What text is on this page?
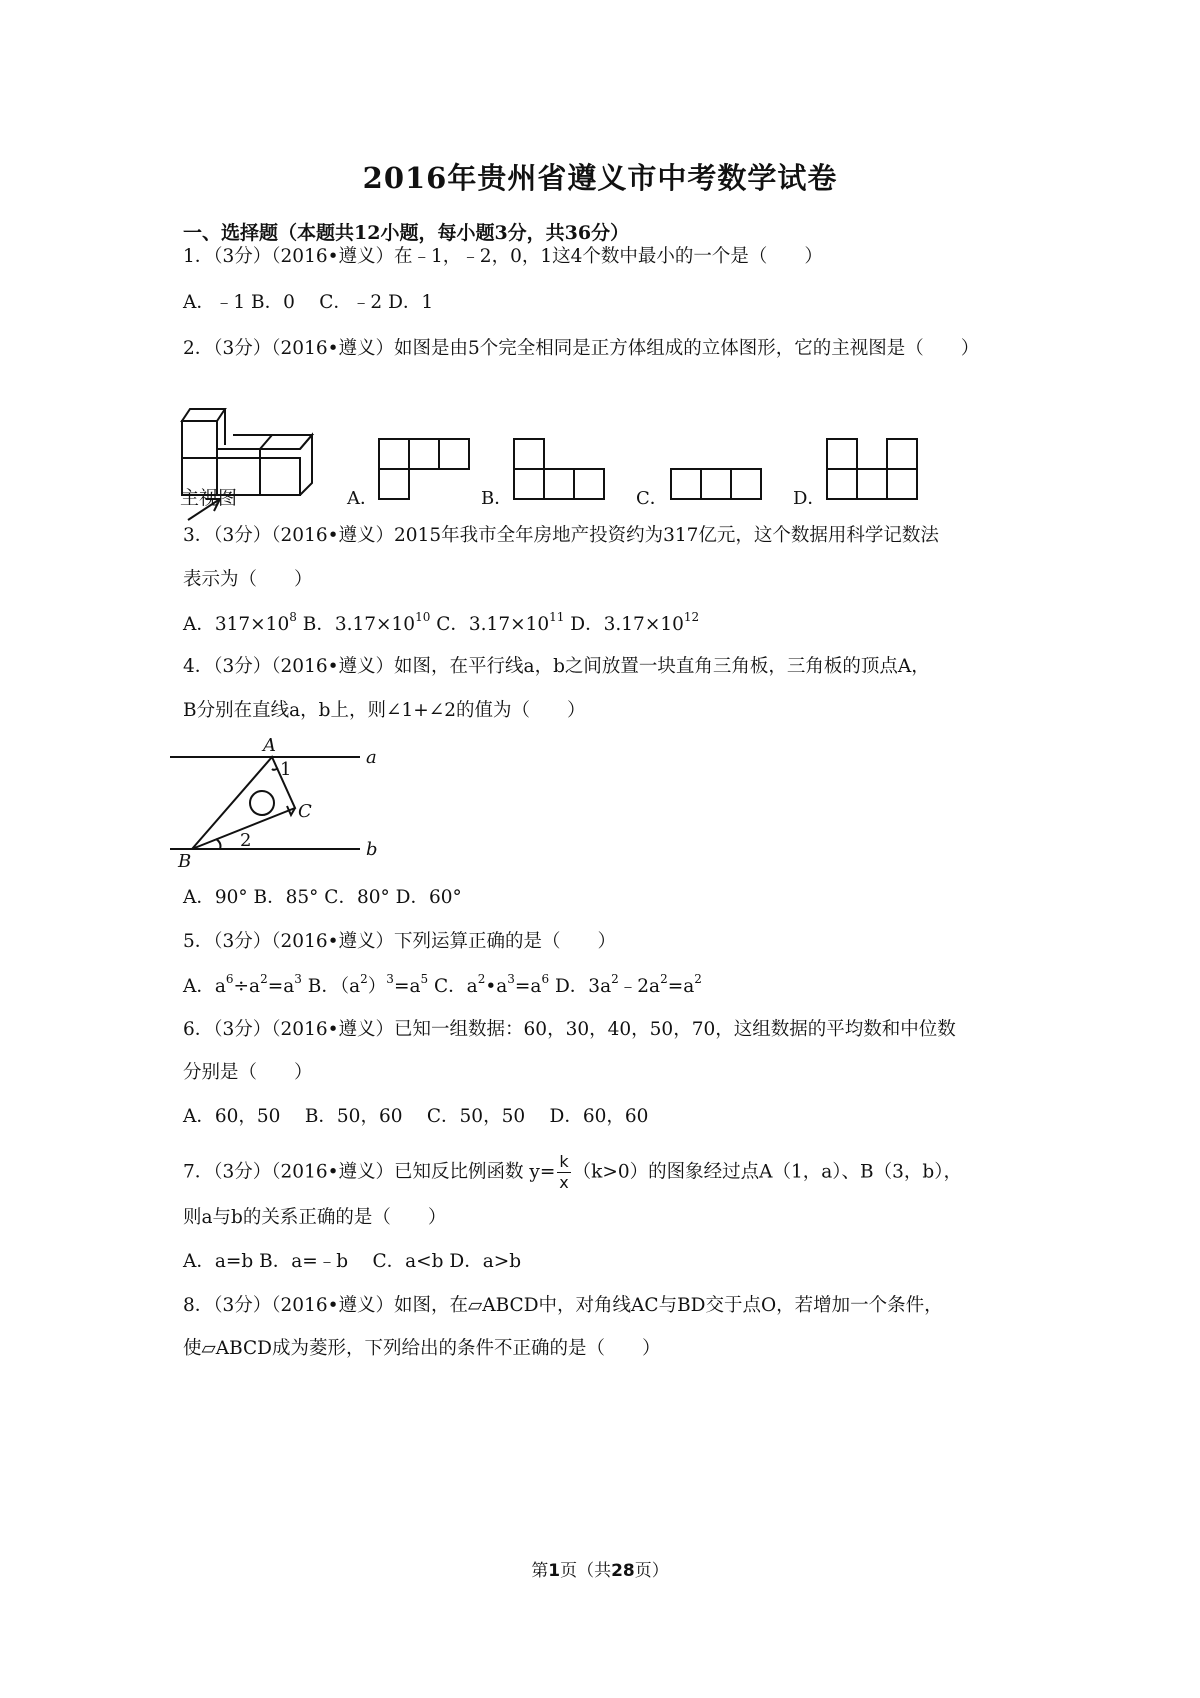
2016年贵州省遵义市中考数学试卷

一、选择题（本题共12小题，每小题3分，共36分）

1．（3分）（2016•遵义）在﹣1，﹣2，0，1这4个数中最小的一个是（　　）

A．﹣1 B．0　 C．﹣2 D．1

2．（3分）（2016•遵义）如图是由5个完全相同是正方体组成的立体图形，它的主视图是（　　）

主视图	A．	B．	C．	D．

3．（3分）（2016•遵义）2015年我市全年房地产投资约为317亿元，这个数据用科学记数法

表示为（　　）

A．$317\times 10^8$ B．$3.17\times 10^{10}$ C．$3.17\times 10^{11}$ D．$3.17\times 10^{12}$

4．（3分）（2016•遵义）如图，在平行线a，b之间放置一块直角三角板，三角板的顶点A，

B分别在直线a，b上，则∠1+∠2的值为（　　）

A
a
1
C
2
B
b

A．90° B．85° C．80° D．60°

5．（3分）（2016•遵义）下列运算正确的是（　　）

A．$a^6\div a^2=a^3$ B．$(a^2)^3=a^5$ C．$a^2•a^3=a^6$ D．$3a^2﹣2a^2=a^2$

6．（3分）（2016•遵义）已知一组数据：60，30，40，50，70，这组数据的平均数和中位数

分别是（　　）

A．60，50　 B．50，60　 C．50，50　 D．60，60

7．（3分）（2016•遵义）已知反比例函数 $y= \frac{k}{x} (k>0)$的图象经过点A（1，a）、B（3，b），

则a与b的关系正确的是（　　）

A．a=b B．a=﹣b　 C．a<b D．a>b

8．（3分）（2016•遵义）如图，在▱ABCD中，对角线AC与BD交于点O，若增加一个条件，

使▱ABCD成为菱形，下列给出的条件不正确的是（　　）

第1页（共28页）
